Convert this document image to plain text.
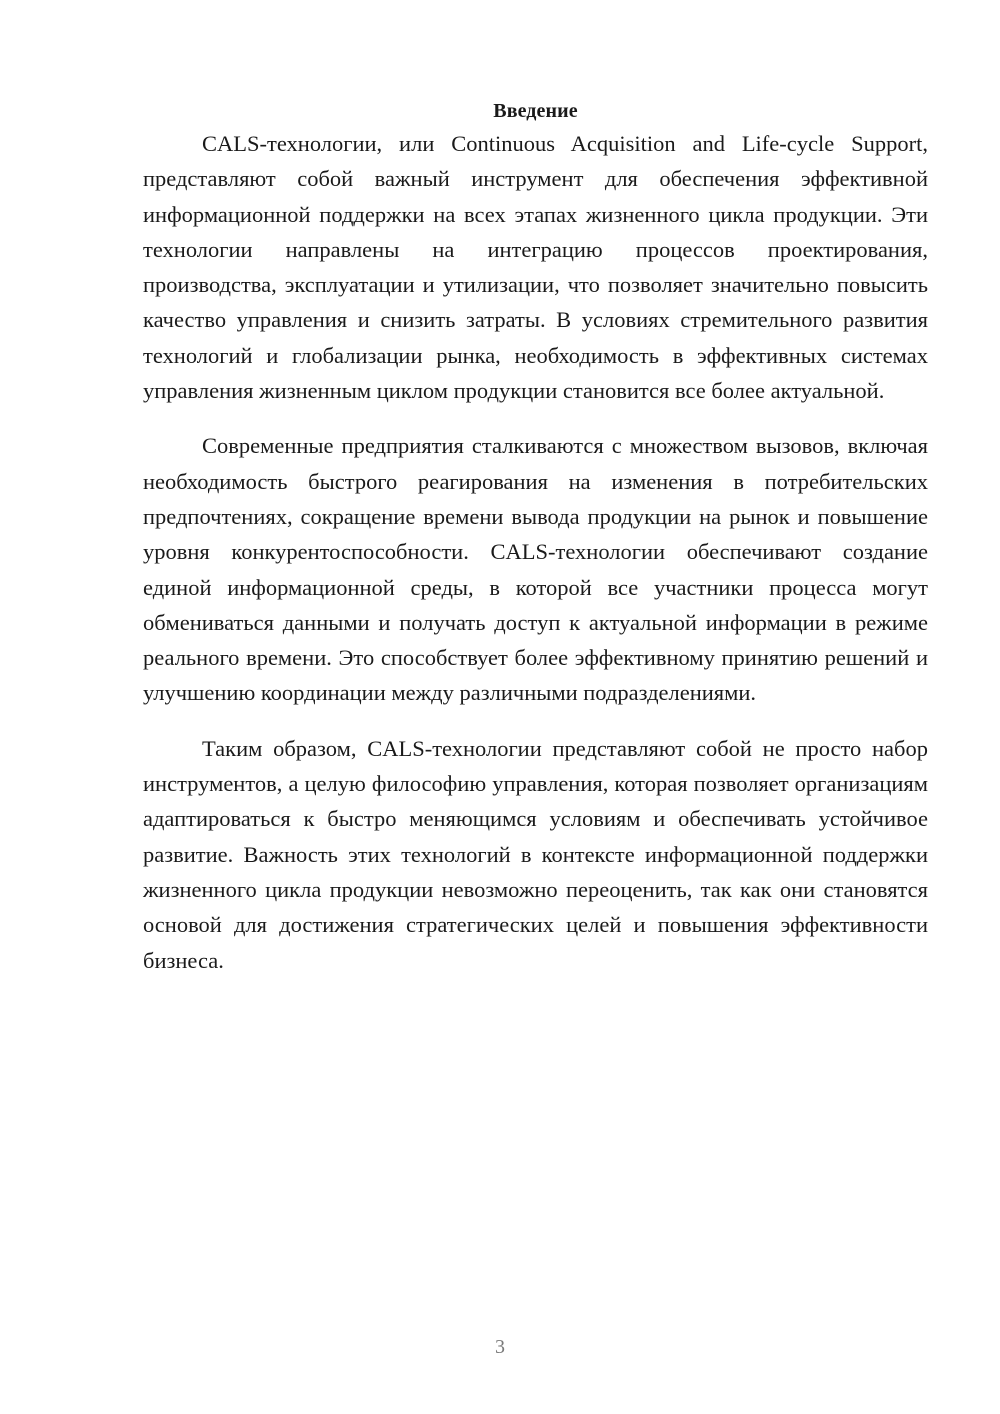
Введение

CALS-технологии, или Continuous Acquisition and Life-cycle Support, представляют собой важный инструмент для обеспечения эффективной информационной поддержки на всех этапах жизненного цикла продукции. Эти технологии направлены на интеграцию процессов проектирования, производства, эксплуатации и утилизации, что позволяет значительно повысить качество управления и снизить затраты. В условиях стремительного развития технологий и глобализации рынка, необходимость в эффективных системах управления жизненным циклом продукции становится все более актуальной.

Современные предприятия сталкиваются с множеством вызовов, включая необходимость быстрого реагирования на изменения в потребительских предпочтениях, сокращение времени вывода продукции на рынок и повышение уровня конкурентоспособности. CALS-технологии обеспечивают создание единой информационной среды, в которой все участники процесса могут обмениваться данными и получать доступ к актуальной информации в режиме реального времени. Это способствует более эффективному принятию решений и улучшению координации между различными подразделениями.

Таким образом, CALS-технологии представляют собой не просто набор инструментов, а целую философию управления, которая позволяет организациям адаптироваться к быстро меняющимся условиям и обеспечивать устойчивое развитие. Важность этих технологий в контексте информационной поддержки жизненного цикла продукции невозможно переоценить, так как они становятся основой для достижения стратегических целей и повышения эффективности бизнеса.

3
